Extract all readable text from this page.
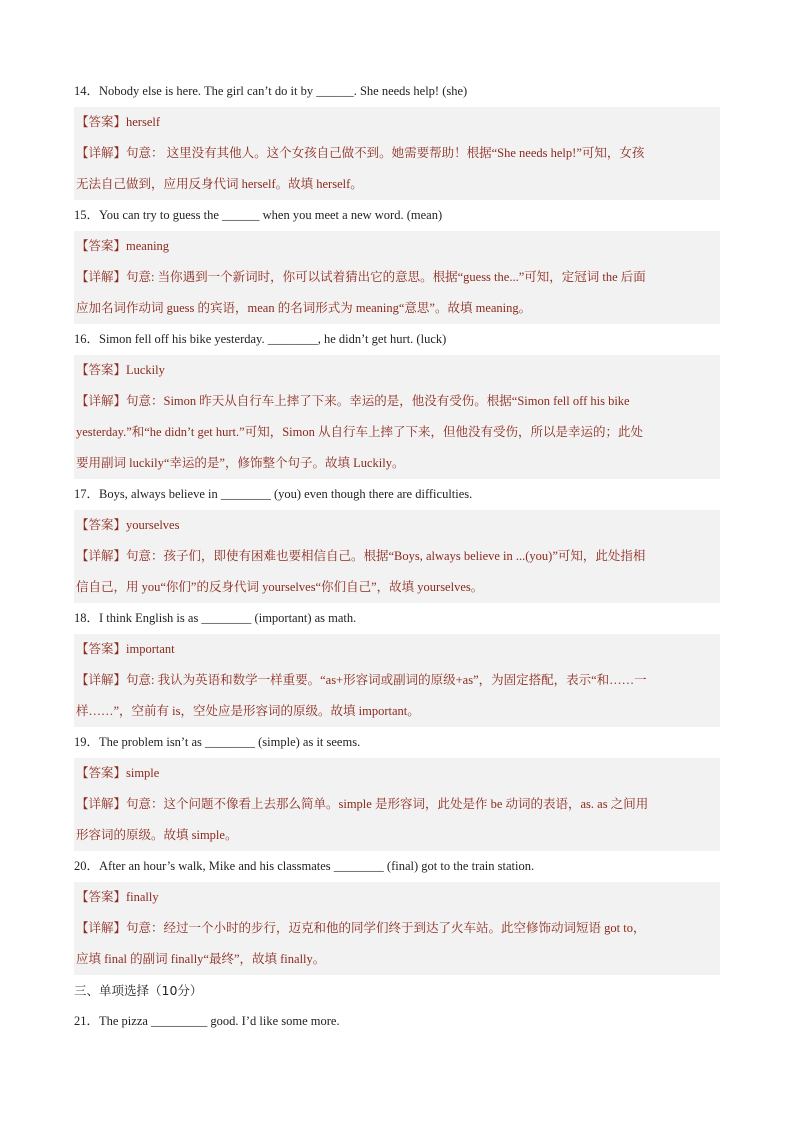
14．Nobody else is here. The girl can’t do it by ______. She needs help! (she)
【答案】herself
【详解】句意： 这里没有其他人。这个女孩自己做不到。她需要帮助！根据“She needs help!”可知，女孩
无法自己做到，应用反身代词 herself。故填 herself。
15．You can try to guess the ______ when you meet a new word. (mean)
【答案】meaning
【详解】句意: 当你遇到一个新词时，你可以试着猜出它的意思。根据“guess the...”可知，定冠词 the 后面
应加名词作动词 guess 的宾语，mean 的名词形式为 meaning“意思”。故填 meaning。
16．Simon fell off his bike yesterday. ________, he didn’t get hurt. (luck)
【答案】Luckily
【详解】句意：Simon 昨天从自行车上摔了下来。幸运的是，他没有受伤。根据“Simon fell off his bike
yesterday.”和“he didn’t get hurt.”可知，Simon 从自行车上摔了下来，但他没有受伤，所以是幸运的；此处
要用副词 luckily“幸运的是”，修饰整个句子。故填 Luckily。
17．Boys, always believe in ________ (you) even though there are difficulties.
【答案】yourselves
【详解】句意：孩子们，即使有困难也要相信自己。根据“Boys, always believe in ...(you)”可知，此处指相
信自己，用 you“你们”的反身代词 yourselves“你们自己”，故填 yourselves。
18．I think English is as ________ (important) as math.
【答案】important
【详解】句意: 我认为英语和数学一样重要。“as+形容词或副词的原级+as”，为固定搭配，表示“和……一
样……”，空前有 is，空处应是形容词的原级。故填 important。
19．The problem isn’t as ________ (simple) as it seems.
【答案】simple
【详解】句意：这个问题不像看上去那么简单。simple 是形容词，此处是作 be 动词的表语，as. as 之间用
形容词的原级。故填 simple。
20．After an hour’s walk, Mike and his classmates ________ (final) got to the train station.
【答案】finally
【详解】句意：经过一个小时的步行，迈克和他的同学们终于到达了火车站。此空修饰动词短语 got to，
应填 final 的副词 finally“最终”，故填 finally。
三、单项选择（10分）
21．The pizza _________ good. I’d like some more.
